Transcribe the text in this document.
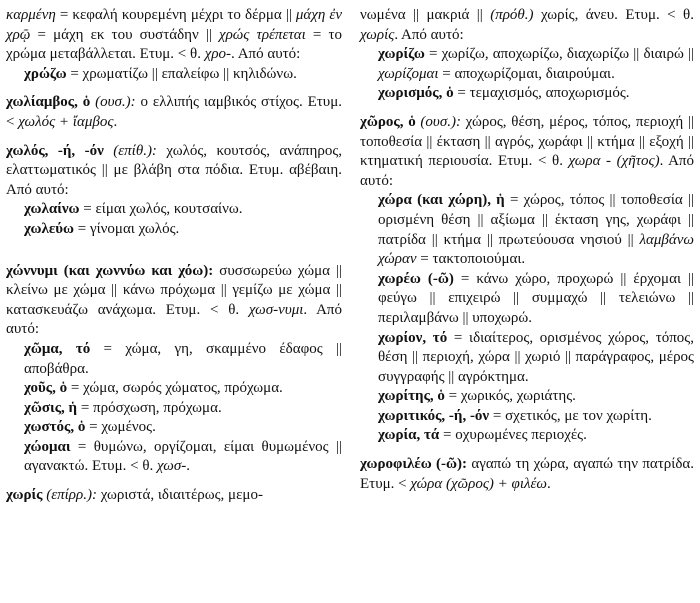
καρμένη = κεφαλή κουρεμένη μέχρι το δέρμα || μάχη ἐν χρῷ = μάχη εκ του συστάδην || χρώς τρέπεται = το χρώμα μεταβάλλεται. Ετυμ. < θ. χρο-. Από αυτό:
χρώζω = χρωματίζω || επαλείφω || κηλιδώνω.
χωλίαμβος, ὁ (ουσ.): ο ελλιπής ιαμβικός στίχος. Ετυμ. < χωλός + ἴαμβος.
χωλός, -ή, -όν (επίθ.): χωλός, κουτσός, ανάπηρος, ελαττωματικός || με βλάβη στα πόδια. Ετυμ. αβέβαιη. Από αυτό:
χωλαίνω = είμαι χωλός, κουτσαίνω.
χωλεύω = γίνομαι χωλός.
χώννυμι (και χωννύω και χόω): συσσωρεύω χώμα || κλείνω με χώμα || κάνω πρόχωμα || γεμίζω με χώμα || κατασκευάζω ανάχωμα. Ετυμ. < θ. χωσ-νυμι. Από αυτό:
χῶμα, τό = χώμα, γη, σκαμμένο έδαφος || αποβάθρα.
χοῦς, ὁ = χώμα, σωρός χώματος, πρόχωμα.
χῶσις, ἡ = πρόσχωση, πρόχωμα.
χωστός, ὁ = χωμένος.
χώομαι = θυμώνω, οργίζομαι, είμαι θυμωμένος || αγανακτώ. Ετυμ. < θ. χωσ-.
χωρίς (επίρρ.): χωριστά, ιδιαιτέρως, μεμο-
νωμένα || μακριά || (πρόθ.) χωρίς, άνευ. Ετυμ. < θ. χωρίς. Από αυτό:
χωρίζω = χωρίζω, αποχωρίζω, διαχωρίζω || διαιρώ || χωρίζομαι = αποχωρίζομαι, διαιρούμαι.
χωρισμός, ὁ = τεμαχισμός, αποχωρισμός.
χῶρος, ὁ (ουσ.): χώρος, θέση, μέρος, τόπος, περιοχή || τοποθεσία || έκταση || αγρός, χωράφι || κτήμα || εξοχή || κτηματική περιουσία. Ετυμ. < θ. χωρα - (χῆτος). Από αυτό:
χώρα (και χώρη), ἡ = χώρος, τόπος || τοποθεσία || ορισμένη θέση || αξίωμα || έκταση γης, χωράφι || πατρίδα || κτήμα || πρωτεύουσα νησιού || λαμβάνω χώραν = τακτοποιούμαι.
χωρέω (-ῶ) = κάνω χώρο, προχωρώ || έρχομαι || φεύγω || επιχειρώ || συμμαχώ || τελειώνω || περιλαμβάνω || υποχωρώ.
χωρίον, τό = ιδιαίτερος, ορισμένος χώρος, τόπος, θέση || περιοχή, χώρα || χωριό || παράγραφος, μέρος συγγραφής || αγρόκτημα.
χωρίτης, ὁ = χωρικός, χωριάτης.
χωριτικός, -ή, -όν = σχετικός, με τον χωρίτη.
χωρία, τά = οχυρωμένες περιοχές.
χωροφιλέω (-ῶ): αγαπώ τη χώρα, αγαπώ την πατρίδα. Ετυμ. < χώρα (χῶρος) + φιλέω.
